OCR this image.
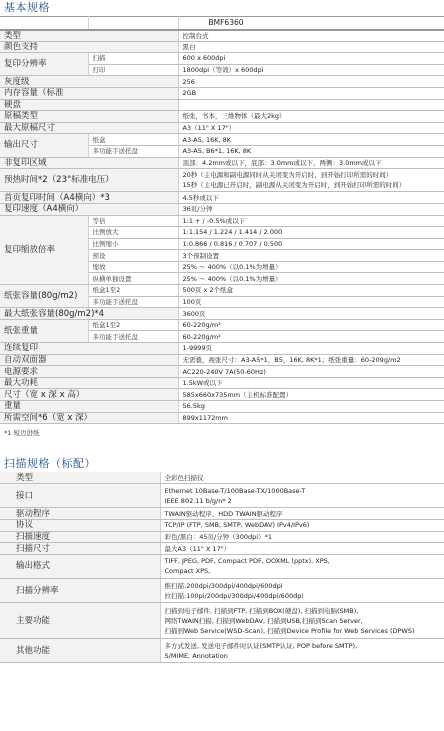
基本规格
		BMF6360
类型		控制台式
颜色支持		黑白
复印分辨率	扫描	600 x 600dpi
	打印	1800dpi（等效）x 600dpi
灰度级		256
内存容量（标准		2GB
硬盘		
原稿类型		纸张，书本，三维物体（最大2kg）
最大原稿尺寸		A3（11" X 17"）
输出尺寸	纸盒	A3-A5, 16K, 8K
	多功能手送托盘	A3-A5, B6*1, 16K, 8K
非复印区域		顶部：4.2mm或以下，底部：3.0mm或以下，两侧：3.0mm或以下
预热时间*2（23°标准电压）		20秒（主电源和副电源同时从关闭变为开启时，到开始打印所需的时间）
15秒（主电源已开启时，副电源从关闭变为开启时，到开始打印所需的时间）

首页复印时间（A4横向）*3		4.5秒或以下
复印速度（A4横向）		36页/分钟
复印缩放倍率	等倍	1:1 + / -0.5%或以下
	比例放大	1:1.154 / 1.224 / 1.414 / 2.000
	比例缩小	1:0.866 / 0.816 / 0.707 / 0.500
	预设	3个预制设置
	缩放	25% ～ 400%（以0.1%为增量）
	纵横单独设置	25% ～ 400%（以0.1%为增量）
纸张容量(80g/m2)	纸盒1至2	500页 x 2个纸盒
	多功能手送托盘	100页
最大纸张容量(80g/m2)*4		3600页
纸张重量	纸盒1至2	60-220g/m²
	多功能手送托盘	60-220g/m²
连续复印		1-9999页
自动双面器		无需叠，视张尺寸：A3-A5*1，B5，16K, 8K*1；纸张重量：60-209g/m2
电源要求		AC220-240V 7A(50-60Hz)
最大功耗		1.5kW或以下
尺寸（宽 x 深 x 高）		585x660x735mm（主机标准配置）
重量		56.5kg
所需空间*6（宽 x 深）		899x1172mm
*1 短边进纸
扫描规格（标配）
类型	全彩色扫描仪

接口	Ethernet 10Base-T/100Base-TX/1000Base-T
IEEE 802.11 b/g/n* 2

驱动程序	TWAIN驱动程序、HDD TWAIN驱动程序

协议	TCP/IP (FTP, SMB, SMTP, WebDAV) IPv4/IPv6)

扫描速度	彩色/黑白：45页/分钟（300dpi）*1

扫描尺寸	最大A3（11" X 17"）

输出格式	TIFF, JPEG, PDF, Compact PDF, OOXML (pptx), XPS,
Compact XPS,

扫描分辨率	推扫描:200dpi/300dpi/400dpi/600dpi
拉扫描:100pi/200dpi/300dpi/400dpi/600dpi

主要功能	扫描到电子邮件, 扫描到FTP, 扫描到BOX(硬盘), 扫描到电脑(SMB),
网络TWAIN扫描, 扫描到WebDAV, 扫描到USB,扫描到Scan Server,
扫描到Web Service(WSD-Scan), 扫描到Device Profile for Web Services (DPWS)

其他功能	多方式发送, 发送电子邮件时认证(SMTP认证, POP before SMTP),
S/MIME, Annotation
